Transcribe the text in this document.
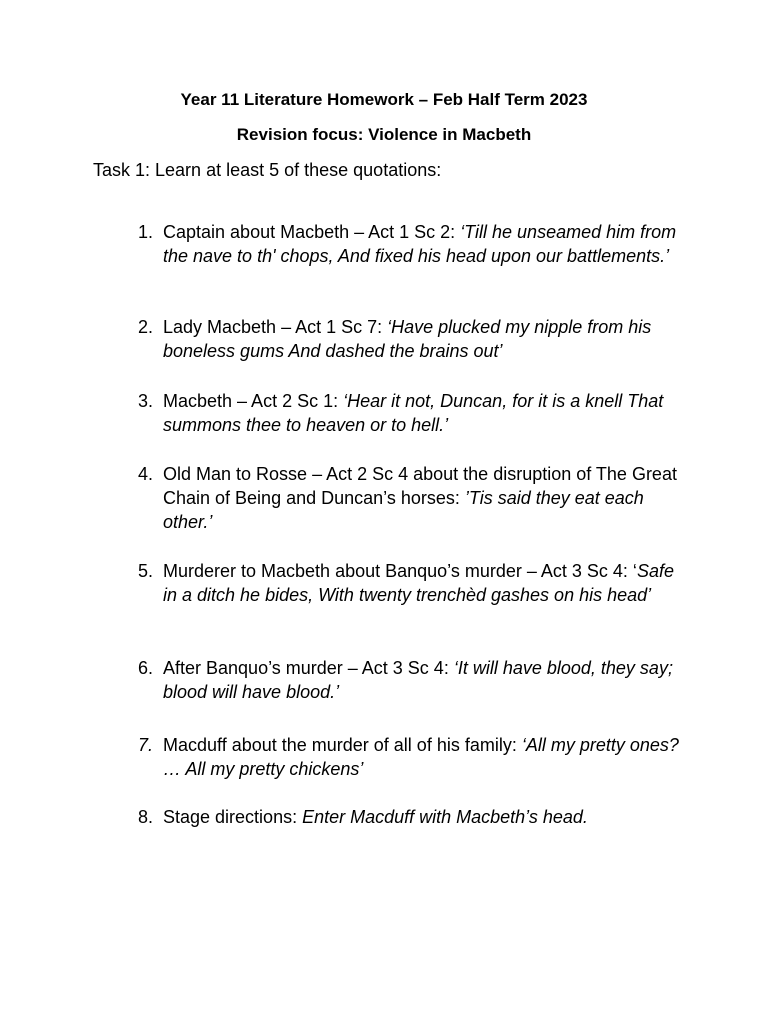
Year 11 Literature Homework – Feb Half Term 2023
Revision focus: Violence in Macbeth
Task 1: Learn at least 5 of these quotations:
1. Captain about Macbeth – Act 1 Sc 2: ‘Till he unseamed him from the nave to th' chops, And fixed his head upon our battlements.’
2. Lady Macbeth – Act 1 Sc 7: ‘Have plucked my nipple from his boneless gums And dashed the brains out’
3. Macbeth – Act 2 Sc 1: ‘Hear it not, Duncan, for it is a knell That summons thee to heaven or to hell.’
4. Old Man to Rosse – Act 2 Sc 4 about the disruption of The Great Chain of Being and Duncan’s horses: ’Tis said they eat each other.’
5. Murderer to Macbeth about Banquo’s murder – Act 3 Sc 4: ‘Safe in a ditch he bides, With twenty trenchèd gashes on his head’
6. After Banquo’s murder – Act 3 Sc 4: ‘It will have blood, they say; blood will have blood.’
7. Macduff about the murder of all of his family: ‘All my pretty ones? … All my pretty chickens’
8. Stage directions: Enter Macduff with Macbeth’s head.
